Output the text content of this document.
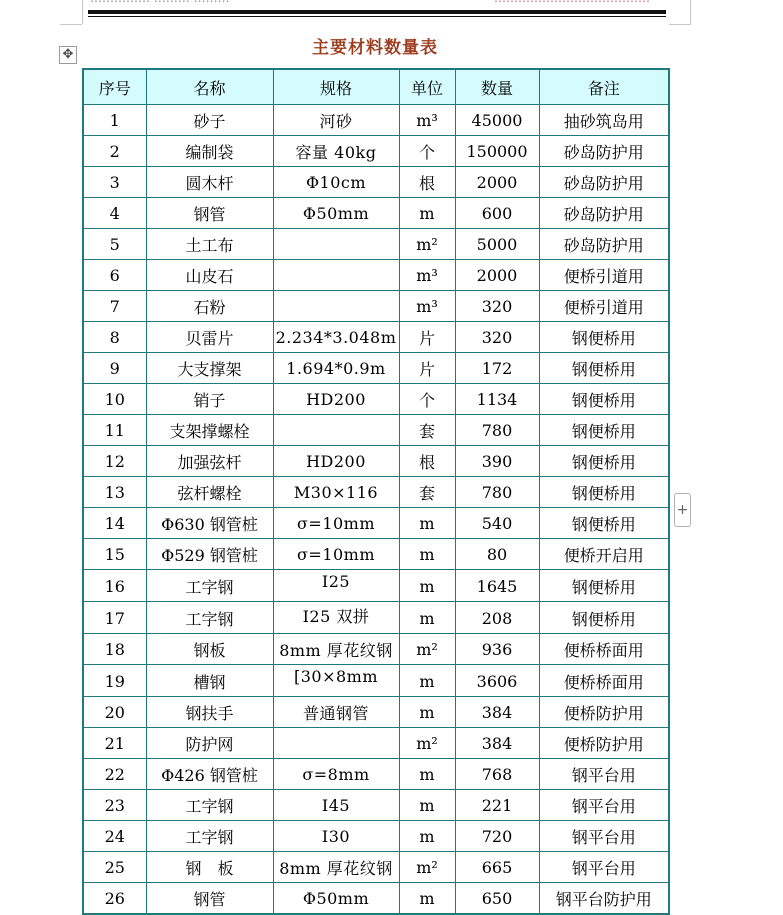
✥	主要材料数量表
序号	名称	规格	单位	数量	备注
1	砂子	河砂	m³	45000	抽砂筑岛用
2	编制袋	容量 40kg	个	150000	砂岛防护用
3	圆木杆	Φ10cm	根	2000	砂岛防护用
4	钢管	Φ50mm	m	600	砂岛防护用
5	土工布		m²	5000	砂岛防护用
6	山皮石		m³	2000	便桥引道用
7	石粉		m³	320	便桥引道用
8	贝雷片	2.234*3.048m	片	320	钢便桥用
9	大支撑架	1.694*0.9m	片	172	钢便桥用
10	销子	HD200	个	1134	钢便桥用
11	支架撑螺栓		套	780	钢便桥用
12	加强弦杆	HD200	根	390	钢便桥用
13	弦杆螺栓	M30×116	套	780	钢便桥用
14	Φ630 钢管桩	σ=10mm	m	540	钢便桥用
15	Φ529 钢管桩	σ=10mm	m	80	便桥开启用
16	工字钢	I25	m	1645	钢便桥用
17	工字钢	I25 双拼	m	208	钢便桥用
18	钢板	8mm 厚花纹钢	m²	936	便桥桥面用
19	槽钢	[30×8mm	m	3606	便桥桥面用
20	钢扶手	普通钢管	m	384	便桥防护用
21	防护网		m²	384	便桥防护用
22	Φ426 钢管桩	σ=8mm	m	768	钢平台用
23	工字钢	I45	m	221	钢平台用
24	工字钢	I30	m	720	钢平台用
25	钢　板	8mm 厚花纹钢	m²	665	钢平台用
26	钢管	Φ50mm	m	650	钢平台防护用
+
